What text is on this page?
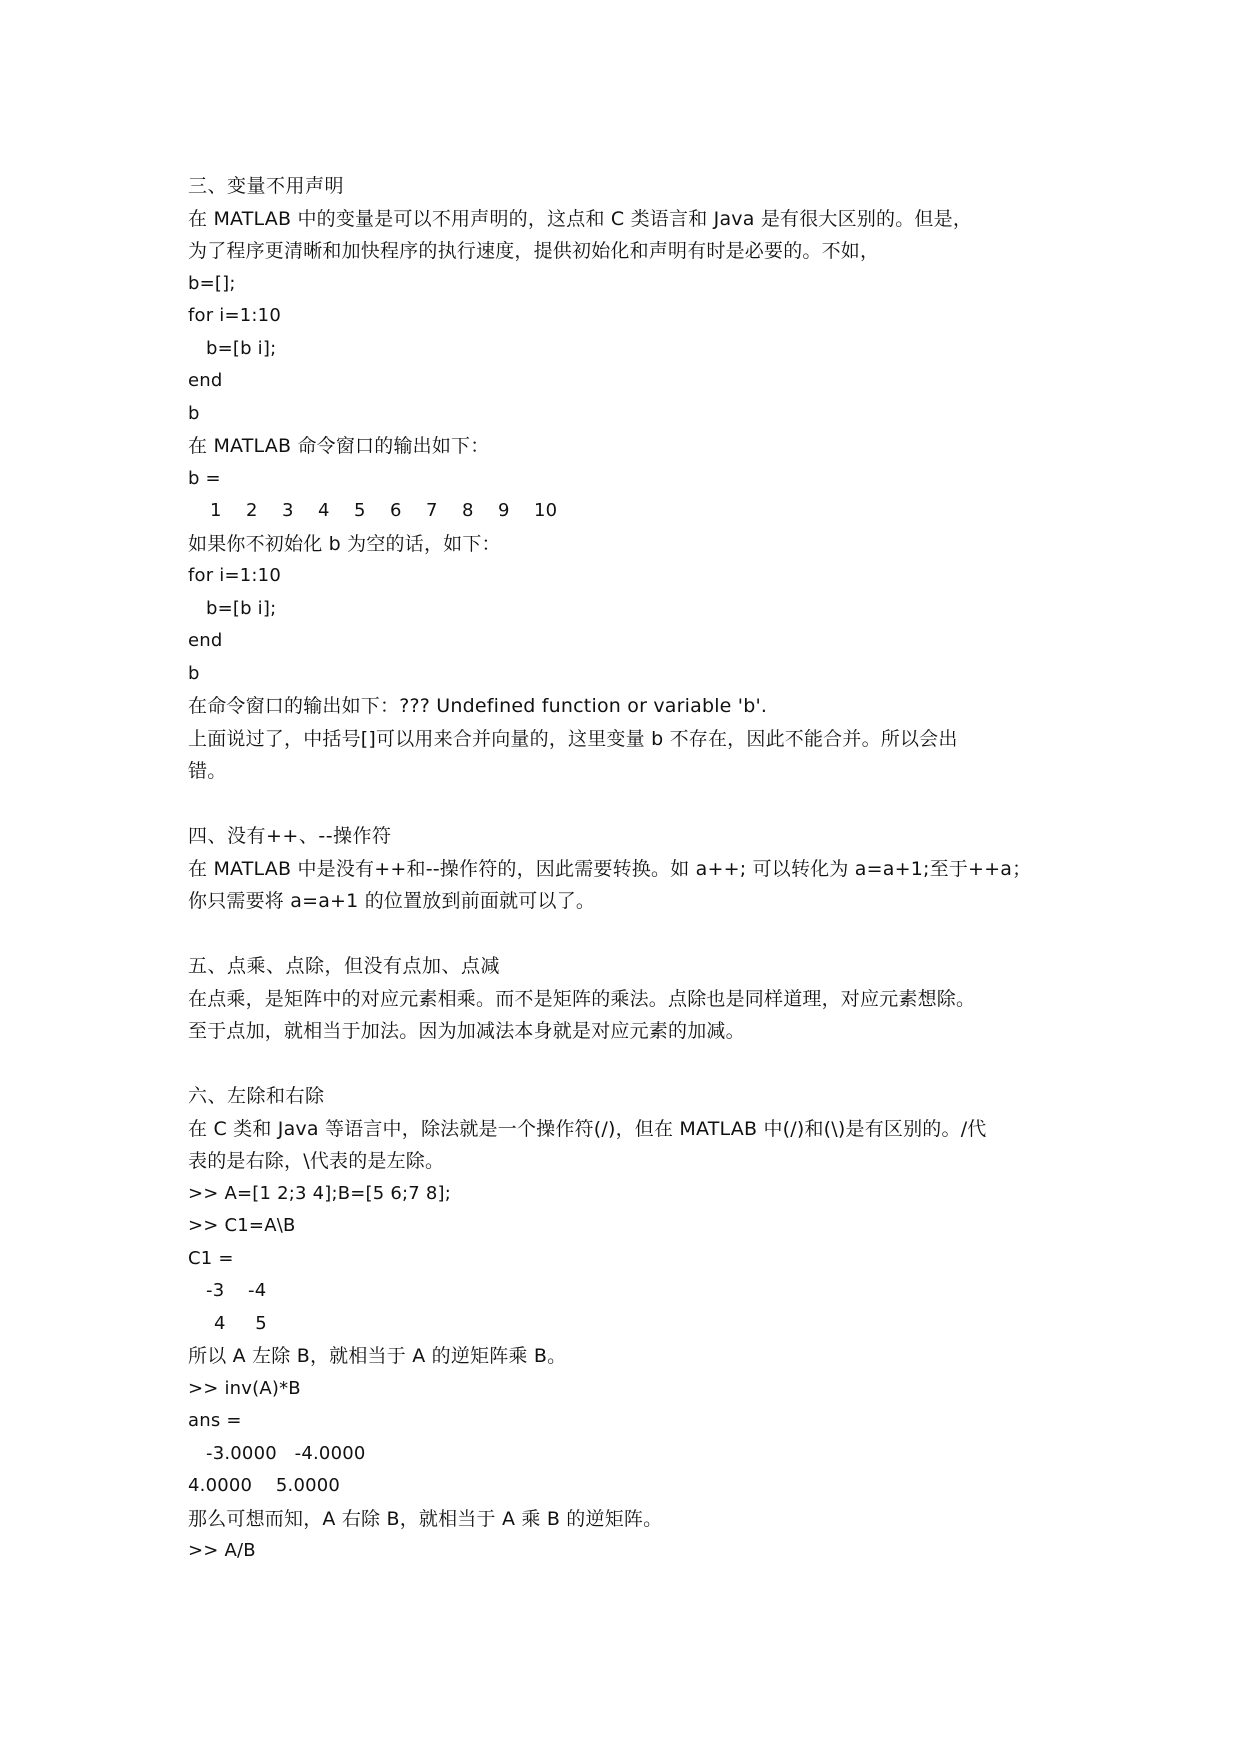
三、变量不用声明
在 MATLAB 中的变量是可以不用声明的，这点和 C 类语言和 Java 是有很大区别的。但是，
为了程序更清晰和加快程序的执行速度，提供初始化和声明有时是必要的。不如，
b=[];
for i=1:10
b=[b i];
end
b
在 MATLAB 命令窗口的输出如下：
b =
1	2	3	4	5	6	7	8	9	10
如果你不初始化 b 为空的话，如下：
for i=1:10
b=[b i];
end
b
在命令窗口的输出如下：??? Undefined function or variable 'b'.
上面说过了，中括号[]可以用来合并向量的，这里变量 b 不存在，因此不能合并。所以会出
错。
四、没有++、--操作符
在 MATLAB 中是没有++和--操作符的，因此需要转换。如 a++; 可以转化为 a=a+1;至于++a；
你只需要将 a=a+1 的位置放到前面就可以了。
五、点乘、点除，但没有点加、点减
在点乘，是矩阵中的对应元素相乘。而不是矩阵的乘法。点除也是同样道理，对应元素想除。
至于点加，就相当于加法。因为加减法本身就是对应元素的加减。
六、左除和右除
在 C 类和 Java 等语言中，除法就是一个操作符(/)，但在 MATLAB 中(/)和(\)是有区别的。/代
表的是右除，\代表的是左除。
>> A=[1 2;3 4];B=[5 6;7 8];
>> C1=A\B
C1 =
-3    -4
4     5
所以 A 左除 B，就相当于 A 的逆矩阵乘 B。
>> inv(A)*B
ans =
-3.0000   -4.0000
4.0000    5.0000
那么可想而知，A 右除 B，就相当于 A 乘 B 的逆矩阵。
>> A/B
